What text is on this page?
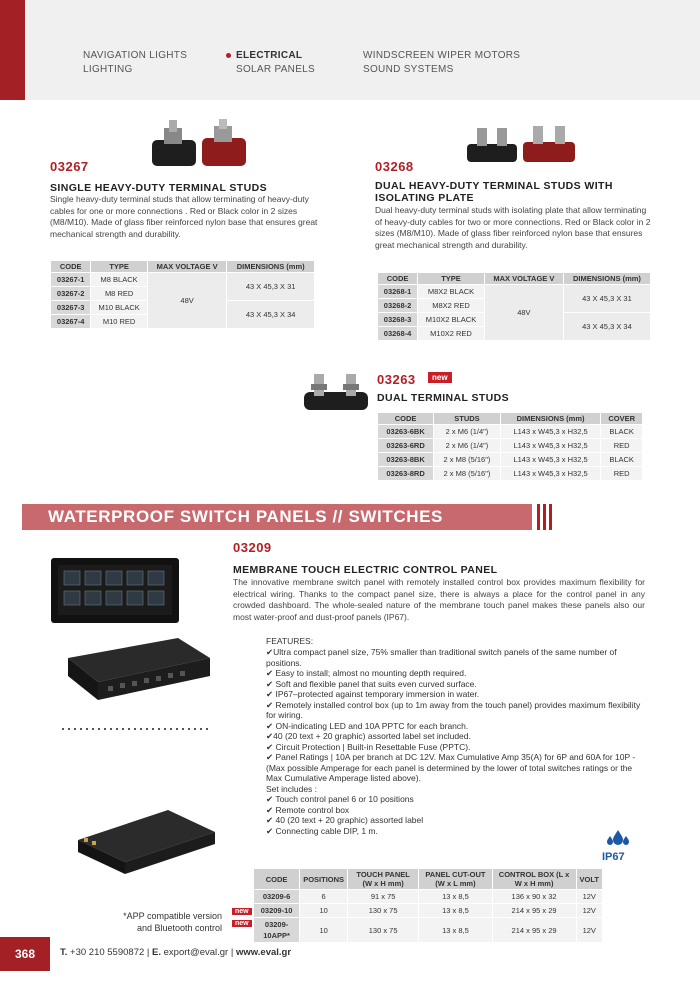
NAVIGATION LIGHTS
LIGHTING
ELECTRICAL
SOLAR PANELS
WINDSCREEN WIPER MOTORS
SOUND SYSTEMS
03267
SINGLE HEAVY-DUTY TERMINAL STUDS
Single heavy-duty terminal studs that allow terminating of heavy-duty cables for one or more connections . Red or Black color in 2 sizes (M8/M10). Made of glass fiber reinforced nylon base that ensures great mechanical strength and durability.
CODE	TYPE	MAX VOLTAGE V	DIMENSIONS (mm)
03267-1	M8 BLACK	48V	43 X 45,3 X 31
03267-2	M8 RED		
03267-3	M10 BLACK		43 X 45,3 X 34
03267-4	M10 RED		
03268
DUAL HEAVY-DUTY TERMINAL STUDS WITH ISOLATING PLATE
Dual heavy-duty terminal studs with isolating plate that allow terminating of heavy-duty cables for two or more connections. Red or Black color in 2 sizes (M8/M10). Made of glass fiber reinforced nylon base that ensures great mechanical strength and durability.
CODE	TYPE	MAX VOLTAGE V	DIMENSIONS (mm)
03268-1	M8X2 BLACK	48V	43 X 45,3 X 31
03268-2	M8X2 RED		
03268-3	M10X2 BLACK		43 X 45,3 X 34
03268-4	M10X2 RED		
03263	new
DUAL TERMINAL STUDS
CODE	STUDS	DIMENSIONS (mm)	COVER
03263-6BK	2 x M6 (1/4")	L143 x W45,3 x H32,5	BLACK
03263-6RD	2 x M6 (1/4")	L143 x W45,3 x H32,5	RED
03263-8BK	2 x M8 (5/16")	L143 x W45,3 x H32,5	BLACK
03263-8RD	2 x M8 (5/16")	L143 x W45,3 x H32,5	RED
WATERPROOF SWITCH PANELS // SWITCHES
03209
MEMBRANE TOUCH ELECTRIC CONTROL PANEL
The innovative membrane switch panel with remotely installed control box provides maximum flexibility for electrical wiring. Thanks to the compact panel size, there is always a place for the control panel in any crowded dashboard. The whole-sealed nature of the membrane touch panel makes these panels also our most water-proof and dust-proof panels (IP67).
FEATURES:
✔Ultra compact panel size, 75% smaller than traditional switch panels of the same number of positions.
✔ Easy to install; almost no mounting depth required.
✔ Soft and flexible panel that suits even curved surface.
✔ IP67–protected against temporary immersion in water.
✔ Remotely installed control box (up to 1m away from the touch panel) provides maximum flexibility for wiring.
✔ ON-indicating LED and 10A PPTC for each branch.
✔40 (20 text + 20 graphic) assorted label set included.
✔ Circuit Protection | Built-in Resettable Fuse (PPTC).
✔ Panel Ratings | 10A per branch at DC 12V. Max Cumulative Amp 35(A) for 6P and 60A for 10P - (Max possible Amperage for each panel is determined by the lower of total switches ratings or the Max Cumulative Amperage listed above).
Set includes :
✔ Touch control panel 6 or 10 positions
✔ Remote control box
✔ 40 (20 text + 20 graphic) assorted label
✔ Connecting cable DIP, 1 m.
IP67
CODE	POSITIONS	TOUCH PANEL (W x H mm)	PANEL CUT-OUT (W x L mm)	CONTROL BOX (L x W x H mm)	VOLT
03209-6	6	91 x 75	13 x 8,5	136 x 90 x 32	12V
03209-10	10	130 x 75	13 x 8,5	214 x 95 x 29	12V
03209-10APP*	10	130 x 75	13 x 8,5	214 x 95 x 29	12V
new
new
*APP compatible version
and Bluetooth control
368	T. +30 210 5590872 | E. export@eval.gr | www.eval.gr
